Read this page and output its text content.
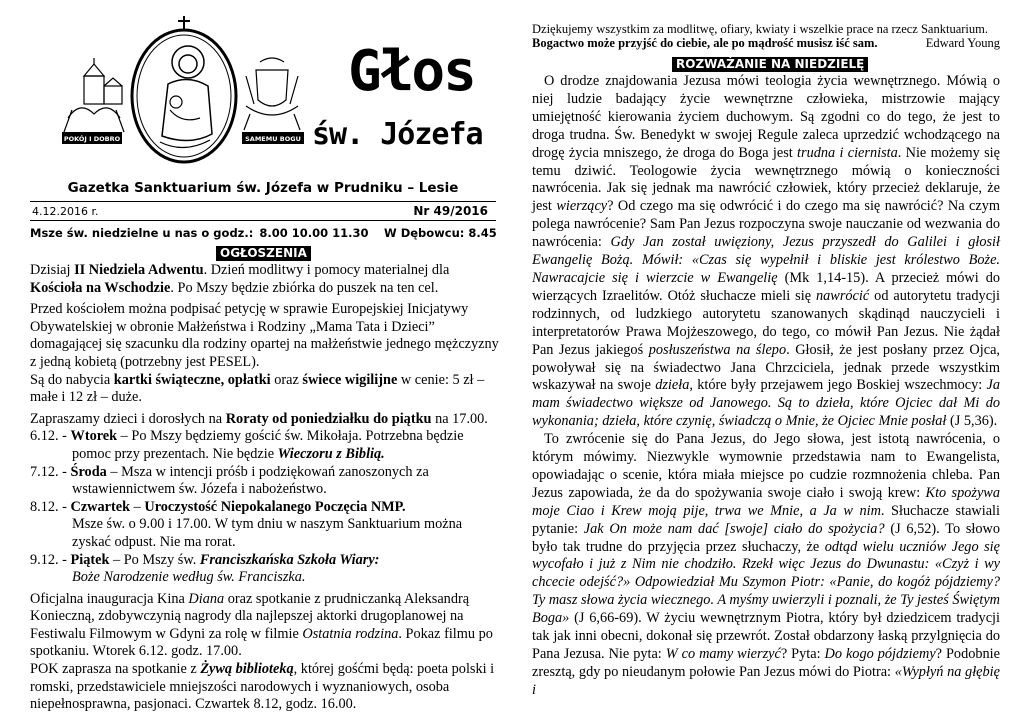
POKÓJ I DOBRO	SAMEMU BOGU
Głos
św. Józefa
Gazetka Sanktuarium św. Józefa w Prudniku – Lesie
4.12.2016 r.	Nr 49/2016
Msze św. niedzielne u nas o godz.: 8.00 10.00 11.30 W Dębowcu: 8.45
OGŁOSZENIA

Dzisiaj II Niedziela Adwentu. Dzień modlitwy i pomocy materialnej dla Kościoła na Wschodzie. Po Mszy będzie zbiórka do puszek na ten cel.

Przed kościołem można podpisać petycję w sprawie Europejskiej Inicjatywy Obywatelskiej w obronie Małżeństwa i Rodziny „Mama Tata i Dzieci” domagającej się szacunku dla rodziny opartej na małżeństwie jednego mężczyzny z jedną kobietą (potrzebny jest PESEL).

Są do nabycia kartki świąteczne, opłatki oraz świece wigilijne w cenie: 5 zł – małe i 12 zł – duże.

Zapraszamy dzieci i dorosłych na Roraty od poniedziałku do piątku na 17.00.

6.12. - Wtorek – Po Mszy będziemy gościć św. Mikołaja. Potrzebna będzie

pomoc przy prezentach. Nie będzie Wieczoru z Biblią.

7.12. - Środa – Msza w intencji próśb i podziękowań zanoszonych za

wstawiennictwem św. Józefa i nabożeństwo.

8.12. - Czwartek – Uroczystość Niepokalanego Poczęcia NMP.

Msze św. o 9.00 i 17.00. W tym dniu w naszym Sanktuarium można

zyskać odpust. Nie ma rorat.

9.12. - Piątek – Po Mszy św. Franciszkańska Szkoła Wiary:

Boże Narodzenie według św. Franciszka.

Oficjalna inauguracja Kina Diana oraz spotkanie z prudniczanką Aleksandrą Konieczną, zdobywczynią nagrody dla najlepszej aktorki drugoplanowej na Festiwalu Filmowym w Gdyni za rolę w filmie Ostatnia rodzina. Pokaz filmu po spotkaniu. Wtorek 6.12. godz. 17.00.

POK zaprasza na spotkanie z Żywą biblioteką, której gośćmi będą: poeta polski i romski, przedstawiciele mniejszości narodowych i wyznaniowych, osoba niepełnosprawna, pasjonaci. Czwartek 8.12, godz. 16.00.

Dziękujemy wszystkim za modlitwę, ofiary, kwiaty i wszelkie prace na rzecz Sanktuarium.
Bogactwo może przyjść do ciebie, ale po mądrość musisz iść sam.	Edward Young
ROZWAŻANIE NA NIEDZIELĘ

O drodze znajdowania Jezusa mówi teologia życia wewnętrznego. Mówią o niej ludzie badający życie wewnętrzne człowieka, mistrzowie mający umiejętność kierowania życiem duchowym. Są zgodni co do tego, że jest to droga trudna. Św. Benedykt w swojej Regule zaleca uprzedzić wchodzącego na drogę życia mniszego, że droga do Boga jest trudna i ciernista. Nie możemy się temu dziwić. Teologowie życia wewnętrznego mówią o konieczności nawrócenia. Jak się jednak ma nawrócić człowiek, który przecież deklaruje, że jest wierzący? Od czego ma się odwrócić i do czego ma się nawrócić? Na czym polega nawrócenie? Sam Pan Jezus rozpoczyna swoje nauczanie od wezwania do nawrócenia: Gdy Jan został uwięziony, Jezus przyszedł do Galilei i głosił Ewangelię Bożą. Mówił: «Czas się wypełnił i bliskie jest królestwo Boże. Nawracajcie się i wierzcie w Ewangelię (Mk 1,14-15). A przecież mówi do wierzących Izraelitów. Otóż słuchacze mieli się nawrócić od autorytetu tradycji rodzinnych, od ludzkiego autorytetu szanowanych skądinąd nauczycieli i interpretatorów Prawa Mojżeszowego, do tego, co mówił Pan Jezus. Nie żądał Pan Jezus jakiegoś posłuszeństwa na ślepo. Głosił, że jest posłany przez Ojca, powoływał się na świadectwo Jana Chrzciciela, jednak przede wszystkim wskazywał na swoje dzieła, które były przejawem jego Boskiej wszechmocy: Ja mam świadectwo większe od Janowego. Są to dzieła, które Ojciec dał Mi do wykonania; dzieła, które czynię, świadczą o Mnie, że Ojciec Mnie posłał (J 5,36).

To zwrócenie się do Pana Jezus, do Jego słowa, jest istotą nawrócenia, o którym mówimy. Niezwykle wymownie przedstawia nam to Ewangelista, opowiadając o scenie, która miała miejsce po cudzie rozmnożenia chleba. Pan Jezus zapowiada, że da do spożywania swoje ciało i swoją krew: Kto spożywa moje Ciao i Krew moją pije, trwa we Mnie, a Ja w nim. Słuchacze stawiali pytanie: Jak On może nam dać [swoje] ciało do spożycia? (J 6,52). To słowo było tak trudne do przyjęcia przez słuchaczy, że odtąd wielu uczniów Jego się wycofało i już z Nim nie chodziło. Rzekł więc Jezus do Dwunastu: «Czyż i wy chcecie odejść?» Odpowiedział Mu Szymon Piotr: «Panie, do kogóż pójdziemy? Ty masz słowa życia wiecznego. A myśmy uwierzyli i poznali, że Ty jesteś Świętym Boga» (J 6,66-69). W życiu wewnętrznym Piotra, który był dziedzicem tradycji tak jak inni obecni, dokonał się przewrót. Został obdarzony łaską przylgnięcia do Pana Jezusa. Nie pyta: W co mamy wierzyć? Pyta: Do kogo pójdziemy? Podobnie zresztą, gdy po nieudanym połowie Pan Jezus mówi do Piotra: «Wypłyń na głębię i
